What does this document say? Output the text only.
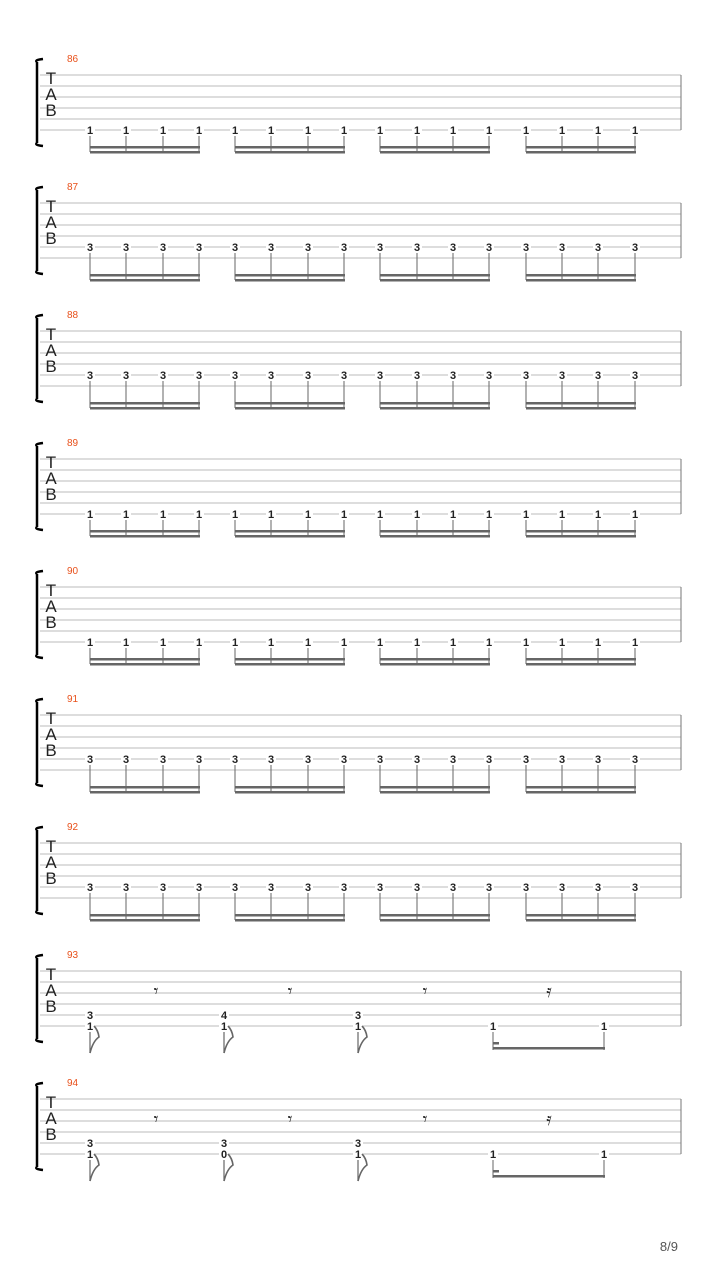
86
T
A
B
1	1	1	1	1	1	1	1	1	1	1	1	1	1	1	1
87
T
A
B	3	3	3	3	3	3	3	3	3	3	3	3	3	3	3	3
88
T
A
B	3	3	3	3	3	3	3	3	3	3	3	3	3	3	3	3
89
T
A
B
1	1	1	1	1	1	1	1	1	1	1	1	1	1	1	1
90
T
A
B
1	1	1	1	1	1	1	1	1	1	1	1	1	1	1	1
91
T
A
B	3	3	3	3	3	3	3	3	3	3	3	3	3	3	3	3
92
T
A
B	3	3	3	3	3	3	3	3	3	3	3	3	3	3	3	3
93
T
A
B	3
1
4
1
3
1
𝄾	𝄾	𝄾	𝄿
1	1
94
T
A
B	3
1
3
0
3
1
𝄾	𝄾	𝄾	𝄿
1	1
8/9
